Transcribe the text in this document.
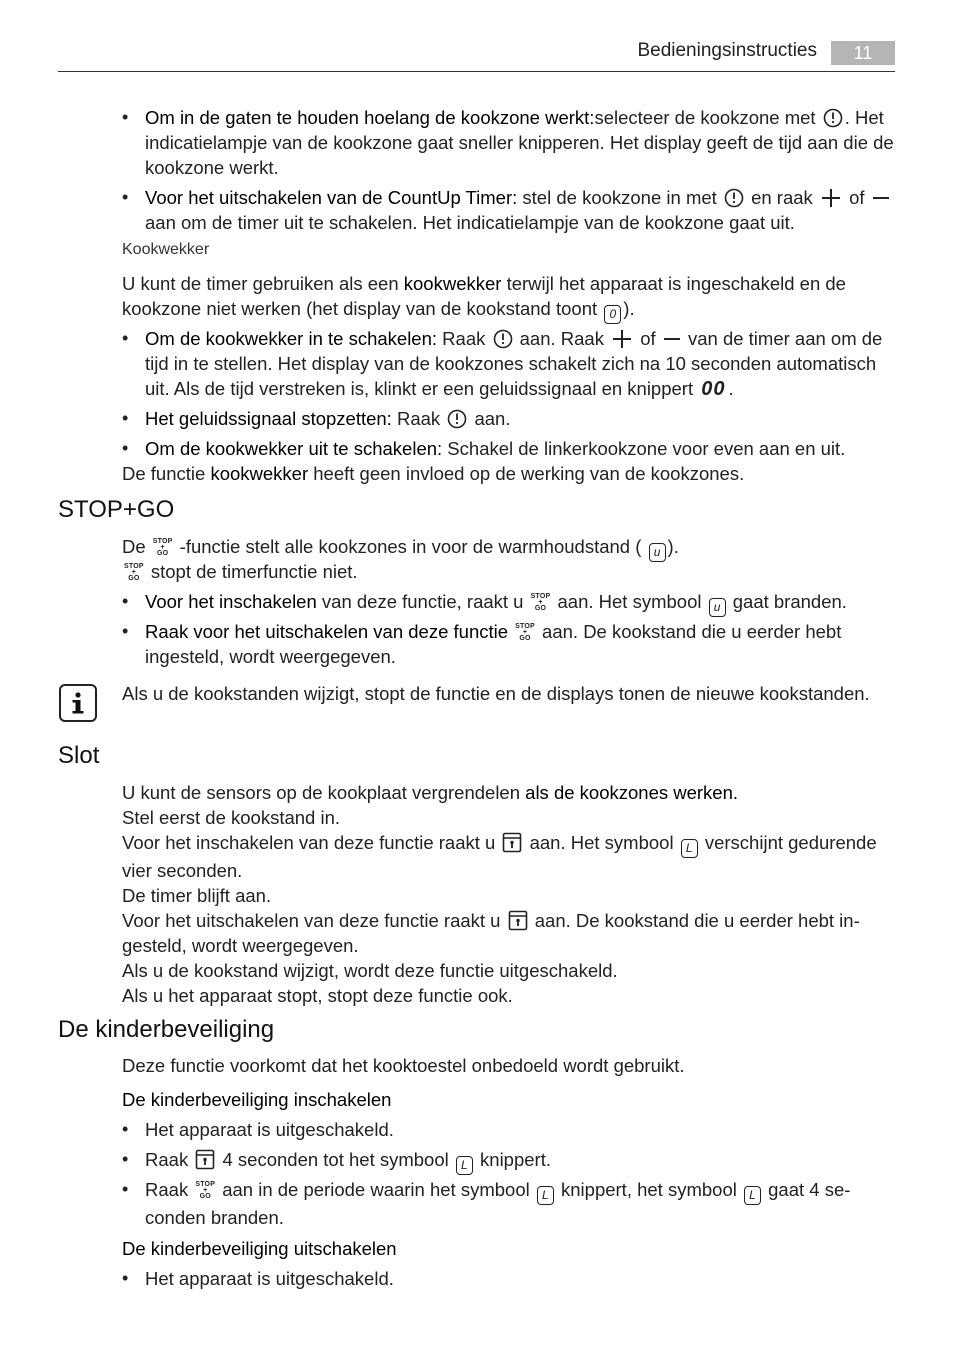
Bedieningsinstructies	11
• Om in de gaten te houden hoelang de kookzone werkt:selecteer de kookzone met . Het indicatielampje van de kookzone gaat sneller knipperen. Het display geeft de tijd aan die de kookzone werkt.
• Voor het uitschakelen van de CountUp Timer: stel de kookzone in met en raak of  aan om de timer uit te schakelen. Het indicatielampje van de kookzone gaat uit.
Kookwekker
U kunt de timer gebruiken als een kookwekker terwijl het apparaat is ingeschakeld en de kookzone niet werken (het display van de kookstand toont 0 ).
• Om de kookwekker in te schakelen: Raak aan. Raak of van de timer aan om de tijd in te stellen. Het display van de kookzones schakelt zich na 10 seconden automatisch uit. Als de tijd verstreken is, klinkt er een geluidssignaal en knippert 00 .
• Het geluidssignaal stopzetten: Raak aan.
• Om de kookwekker uit te schakelen: Schakel de linkerkookzone voor even aan en uit.
De functie kookwekker heeft geen invloed op de werking van de kookzones.
STOP+GO
De STOP
+
GO -functie stelt alle kookzones in voor de warmhoudstand ( u ).
STOP
+
GO stopt de timerfunctie niet.
• Voor het inschakelen van deze functie, raakt u STOP
+
GO aan. Het symbool u gaat branden.
• Raak voor het uitschakelen van deze functie STOP
+
GO aan. De kookstand die u eerder hebt ingesteld, wordt weergegeven.
Als u de kookstanden wijzigt, stopt de functie en de displays tonen de nieuwe kookstanden.
Slot
U kunt de sensors op de kookplaat vergrendelen als de kookzones werken.
Stel eerst de kookstand in.
Voor het inschakelen van deze functie raakt u aan. Het symbool L verschijnt gedurende vier seconden.
De timer blijft aan.
Voor het uitschakelen van deze functie raakt u aan. De kookstand die u eerder hebt in-gesteld, wordt weergegeven.
Als u de kookstand wijzigt, wordt deze functie uitgeschakeld.
Als u het apparaat stopt, stopt deze functie ook.
De kinderbeveiliging
Deze functie voorkomt dat het kooktoestel onbedoeld wordt gebruikt.
De kinderbeveiliging inschakelen
• Het apparaat is uitgeschakeld.
• Raak 4 seconden tot het symbool L knippert.
• Raak STOP
+
GO aan in de periode waarin het symbool L knippert, het symbool L gaat 4 se-conden branden.
De kinderbeveiliging uitschakelen
• Het apparaat is uitgeschakeld.
